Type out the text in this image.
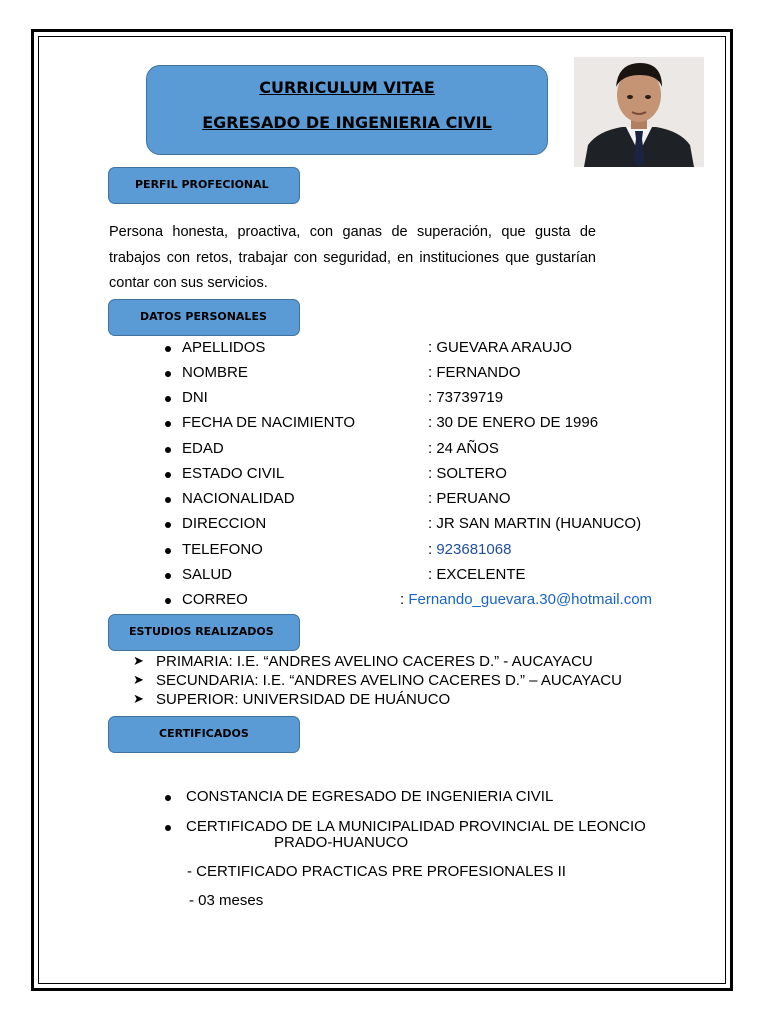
CURRICULUM VITAE
EGRESADO DE INGENIERIA CIVIL
PERFIL PROFECIONAL

Persona honesta, proactiva, con ganas de superación, que gusta de trabajos con retos, trabajar con seguridad, en instituciones que gustarían contar con sus servicios.

DATOS PERSONALES
APELLIDOS	: GUEVARA ARAUJO
NOMBRE	: FERNANDO
DNI	: 73739719
FECHA DE NACIMIENTO	: 30 DE ENERO DE 1996
EDAD	: 24 AÑOS
ESTADO CIVIL	: SOLTERO
NACIONALIDAD	: PERUANO
DIRECCION	: JR SAN MARTIN (HUANUCO)
TELEFONO	: 923681068
SALUD	: EXCELENTE
CORREO	: Fernando_guevara.30@hotmail.com
ESTUDIOS REALIZADOS
➤ PRIMARIA: I.E. “ANDRES AVELINO CACERES D.” - AUCAYACU
➤ SECUNDARIA: I.E. “ANDRES AVELINO CACERES D.” – AUCAYACU
➤ SUPERIOR: UNIVERSIDAD DE HUÁNUCO
CERTIFICADOS
CONSTANCIA DE EGRESADO DE INGENIERIA CIVIL
CERTIFICADO DE LA MUNICIPALIDAD PROVINCIAL DE LEONCIO
PRADO-HUANUCO
- CERTIFICADO PRACTICAS PRE PROFESIONALES II
- 03 meses
